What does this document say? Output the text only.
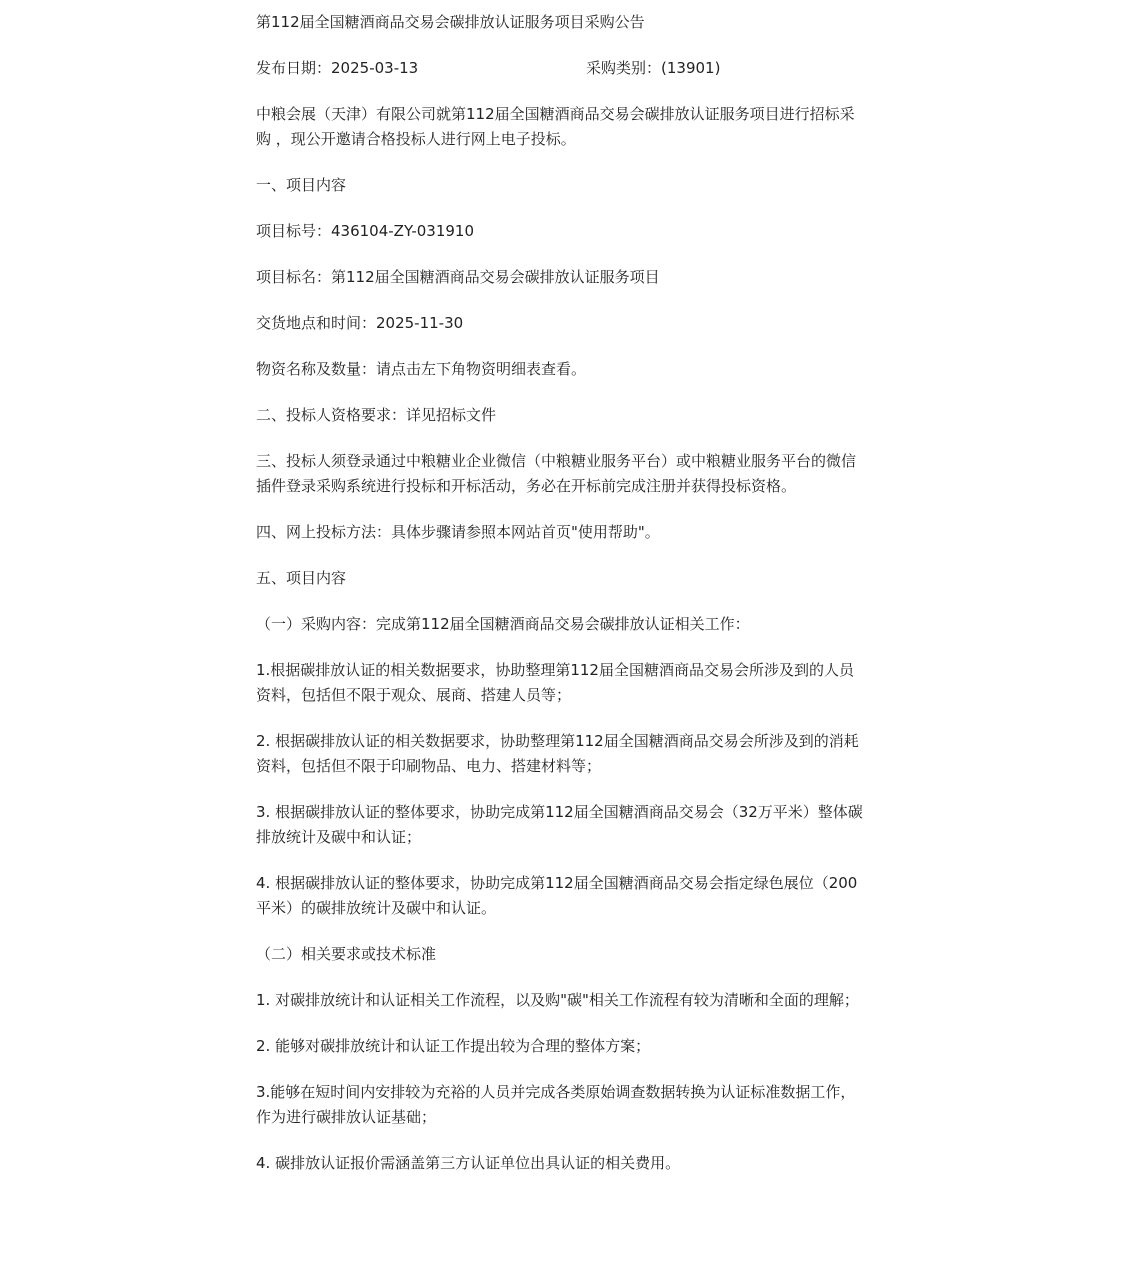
第112届全国糖酒商品交易会碳排放认证服务项目采购公告

发布日期：2025-03-13	采购类别：(13901)

中粮会展（天津）有限公司就第112届全国糖酒商品交易会碳排放认证服务项目进行招标采购 ，现公开邀请合格投标人进行网上电子投标。

一、项目内容

项目标号：436104-ZY-031910

项目标名：第112届全国糖酒商品交易会碳排放认证服务项目

交货地点和时间：2025-11-30

物资名称及数量：请点击左下角物资明细表查看。

二、投标人资格要求：详见招标文件

三、投标人须登录通过中粮糖业企业微信（中粮糖业服务平台）或中粮糖业服务平台的微信插件登录采购系统进行投标和开标活动，务必在开标前完成注册并获得投标资格。

四、网上投标方法：具体步骤请参照本网站首页"使用帮助"。

五、项目内容

（一）采购内容：完成第112届全国糖酒商品交易会碳排放认证相关工作：

1.根据碳排放认证的相关数据要求，协助整理第112届全国糖酒商品交易会所涉及到的人员资料，包括但不限于观众、展商、搭建人员等；

2. 根据碳排放认证的相关数据要求，协助整理第112届全国糖酒商品交易会所涉及到的消耗资料，包括但不限于印刷物品、电力、搭建材料等；

3. 根据碳排放认证的整体要求，协助完成第112届全国糖酒商品交易会（32万平米）整体碳排放统计及碳中和认证；

4. 根据碳排放认证的整体要求，协助完成第112届全国糖酒商品交易会指定绿色展位（200平米）的碳排放统计及碳中和认证。

（二）相关要求或技术标准

1. 对碳排放统计和认证相关工作流程，以及购"碳"相关工作流程有较为清晰和全面的理解；

2. 能够对碳排放统计和认证工作提出较为合理的整体方案；

3.能够在短时间内安排较为充裕的人员并完成各类原始调查数据转换为认证标准数据工作，作为进行碳排放认证基础；

4. 碳排放认证报价需涵盖第三方认证单位出具认证的相关费用。
